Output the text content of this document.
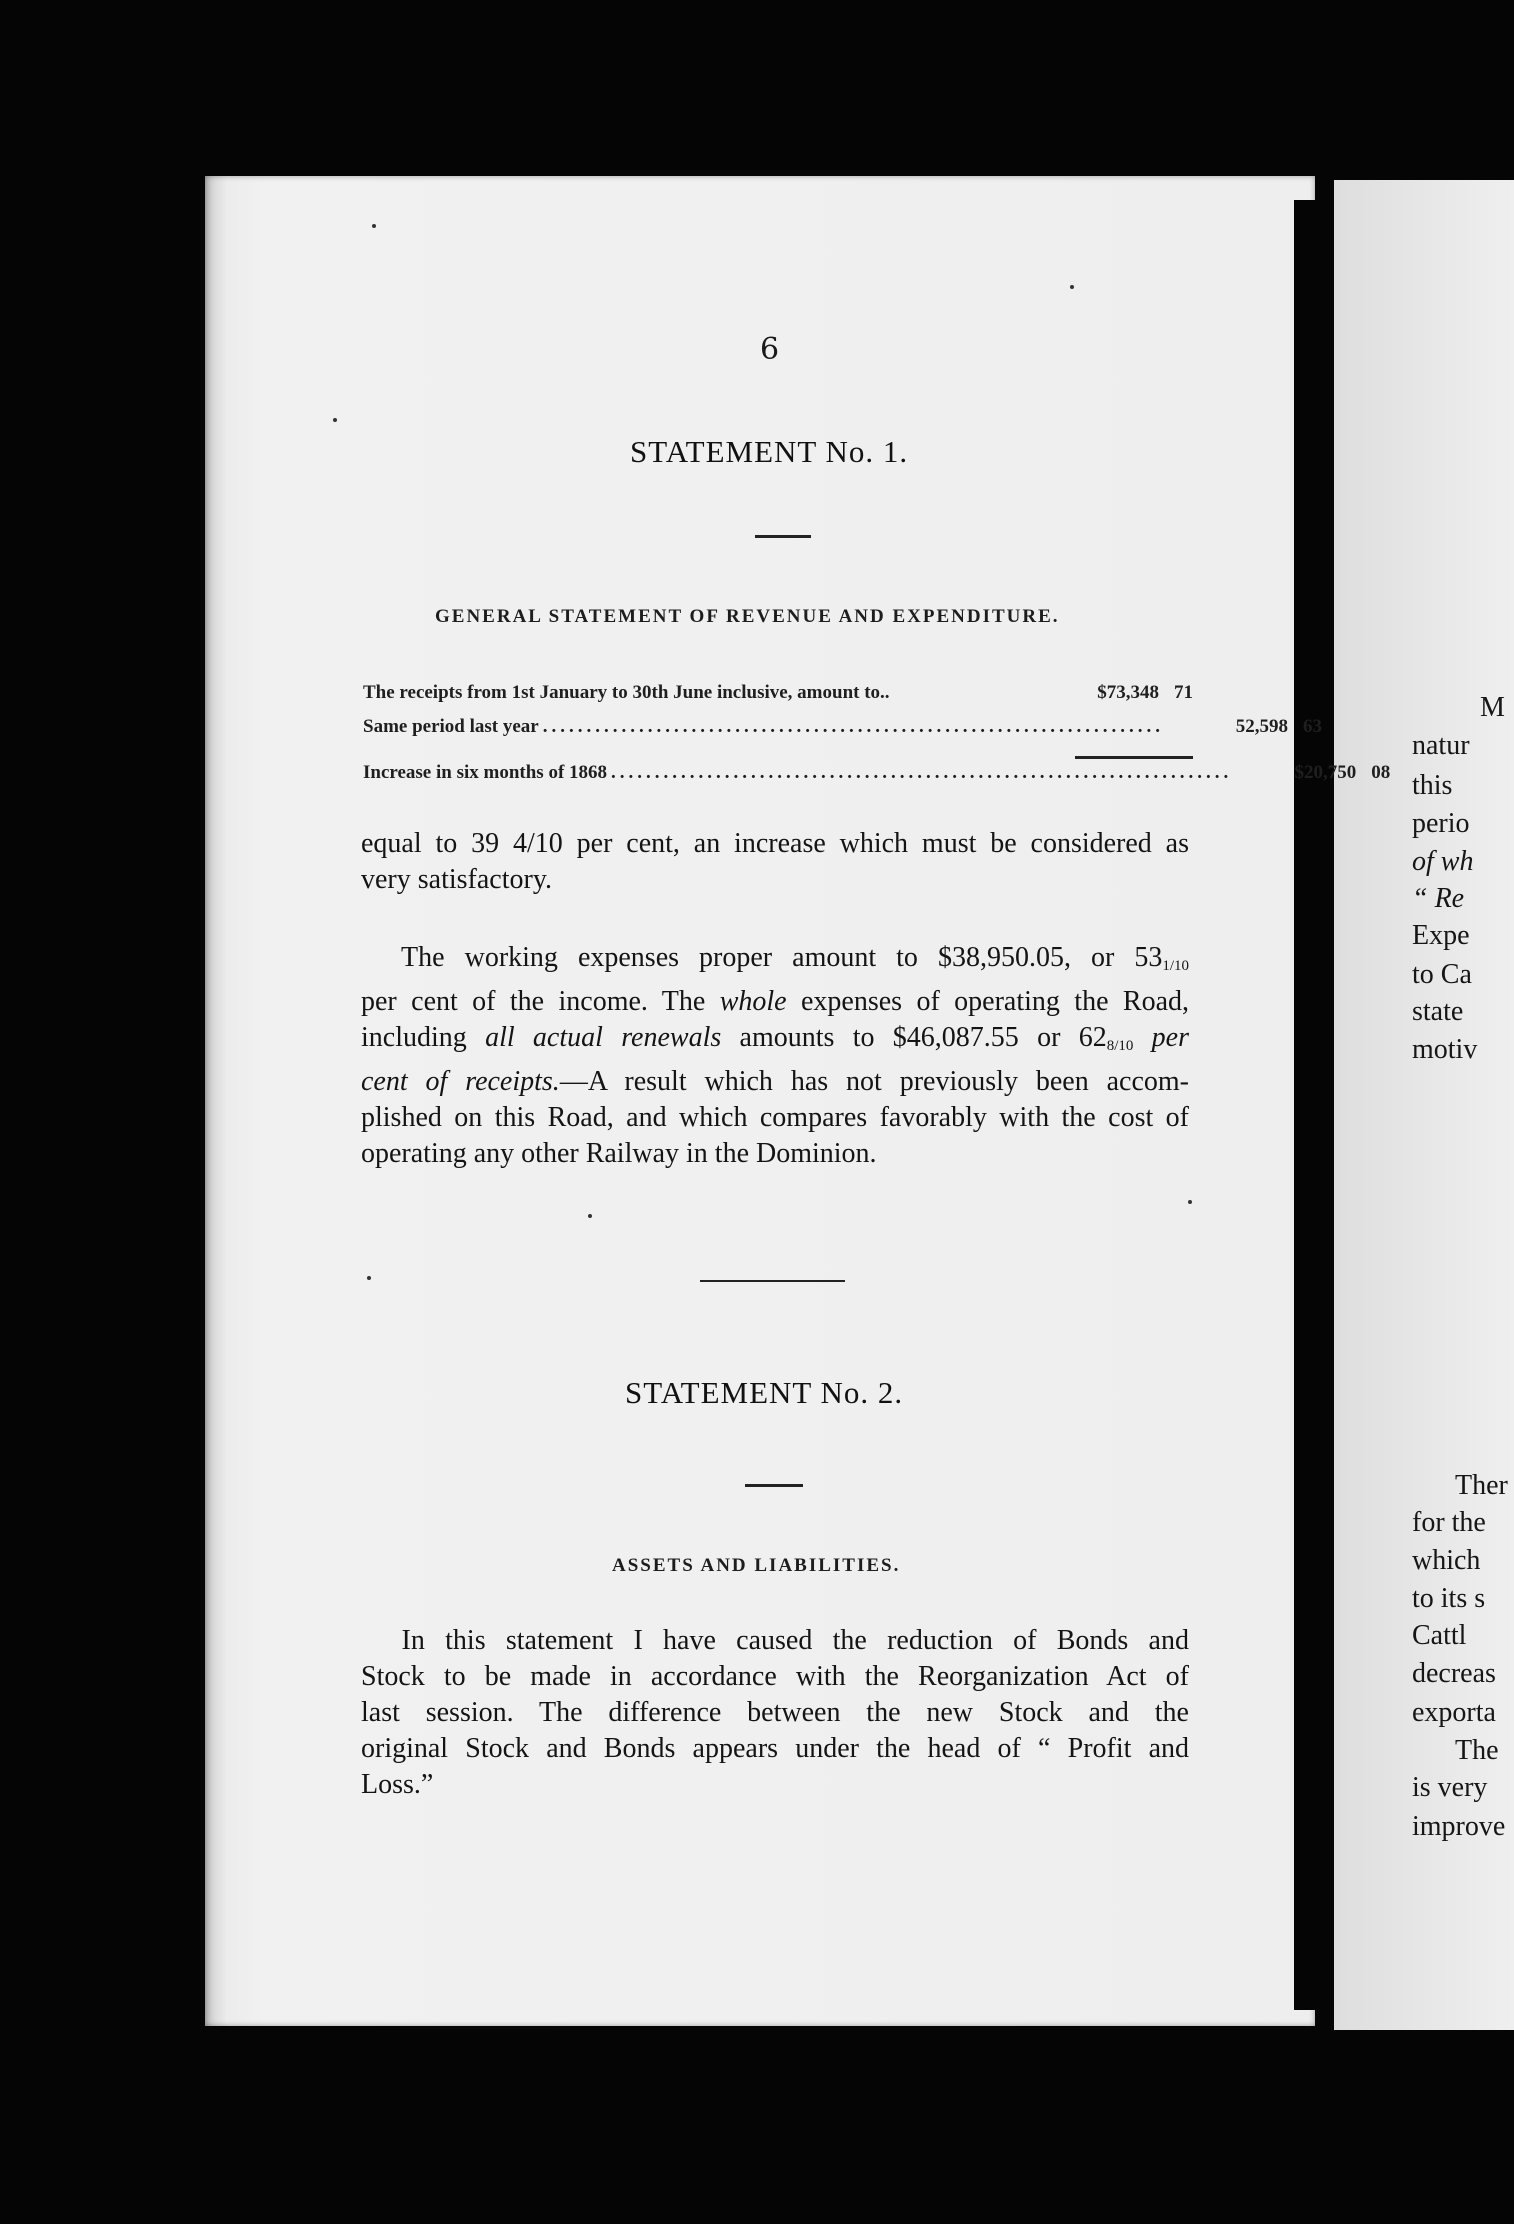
M
natur
this
perio
of wh
“ Re
Expe
to Ca
state
motiv
Ther
for the
which
to its s
Cattl
decreas
exporta
The
is very
improve
6
STATEMENT No. 1.
GENERAL STATEMENT OF REVENUE AND EXPENDITURE.
The receipts from 1st January to 30th June inclusive, amount to..	$73,348 71
Same period last year .......................................................................	52,598 63
Increase in six months of 1868 .......................................................................	$20,750 08
equal to 39 4/10 per cent, an increase which must be considered as
very satisfactory.
The working expenses proper amount to $38,950.05, or 531/10
per cent of the income. The whole expenses of operating the Road,
including all actual renewals amounts to $46,087.55 or 628/10 per
cent of receipts.—A result which has not previously been accom-
plished on this Road, and which compares favorably with the cost of
operating any other Railway in the Dominion.
STATEMENT No. 2.
ASSETS AND LIABILITIES.
In this statement I have caused the reduction of Bonds and
Stock to be made in accordance with the Reorganization Act of
last session. The difference between the new Stock and the
original Stock and Bonds appears under the head of “ Profit and
Loss.”
